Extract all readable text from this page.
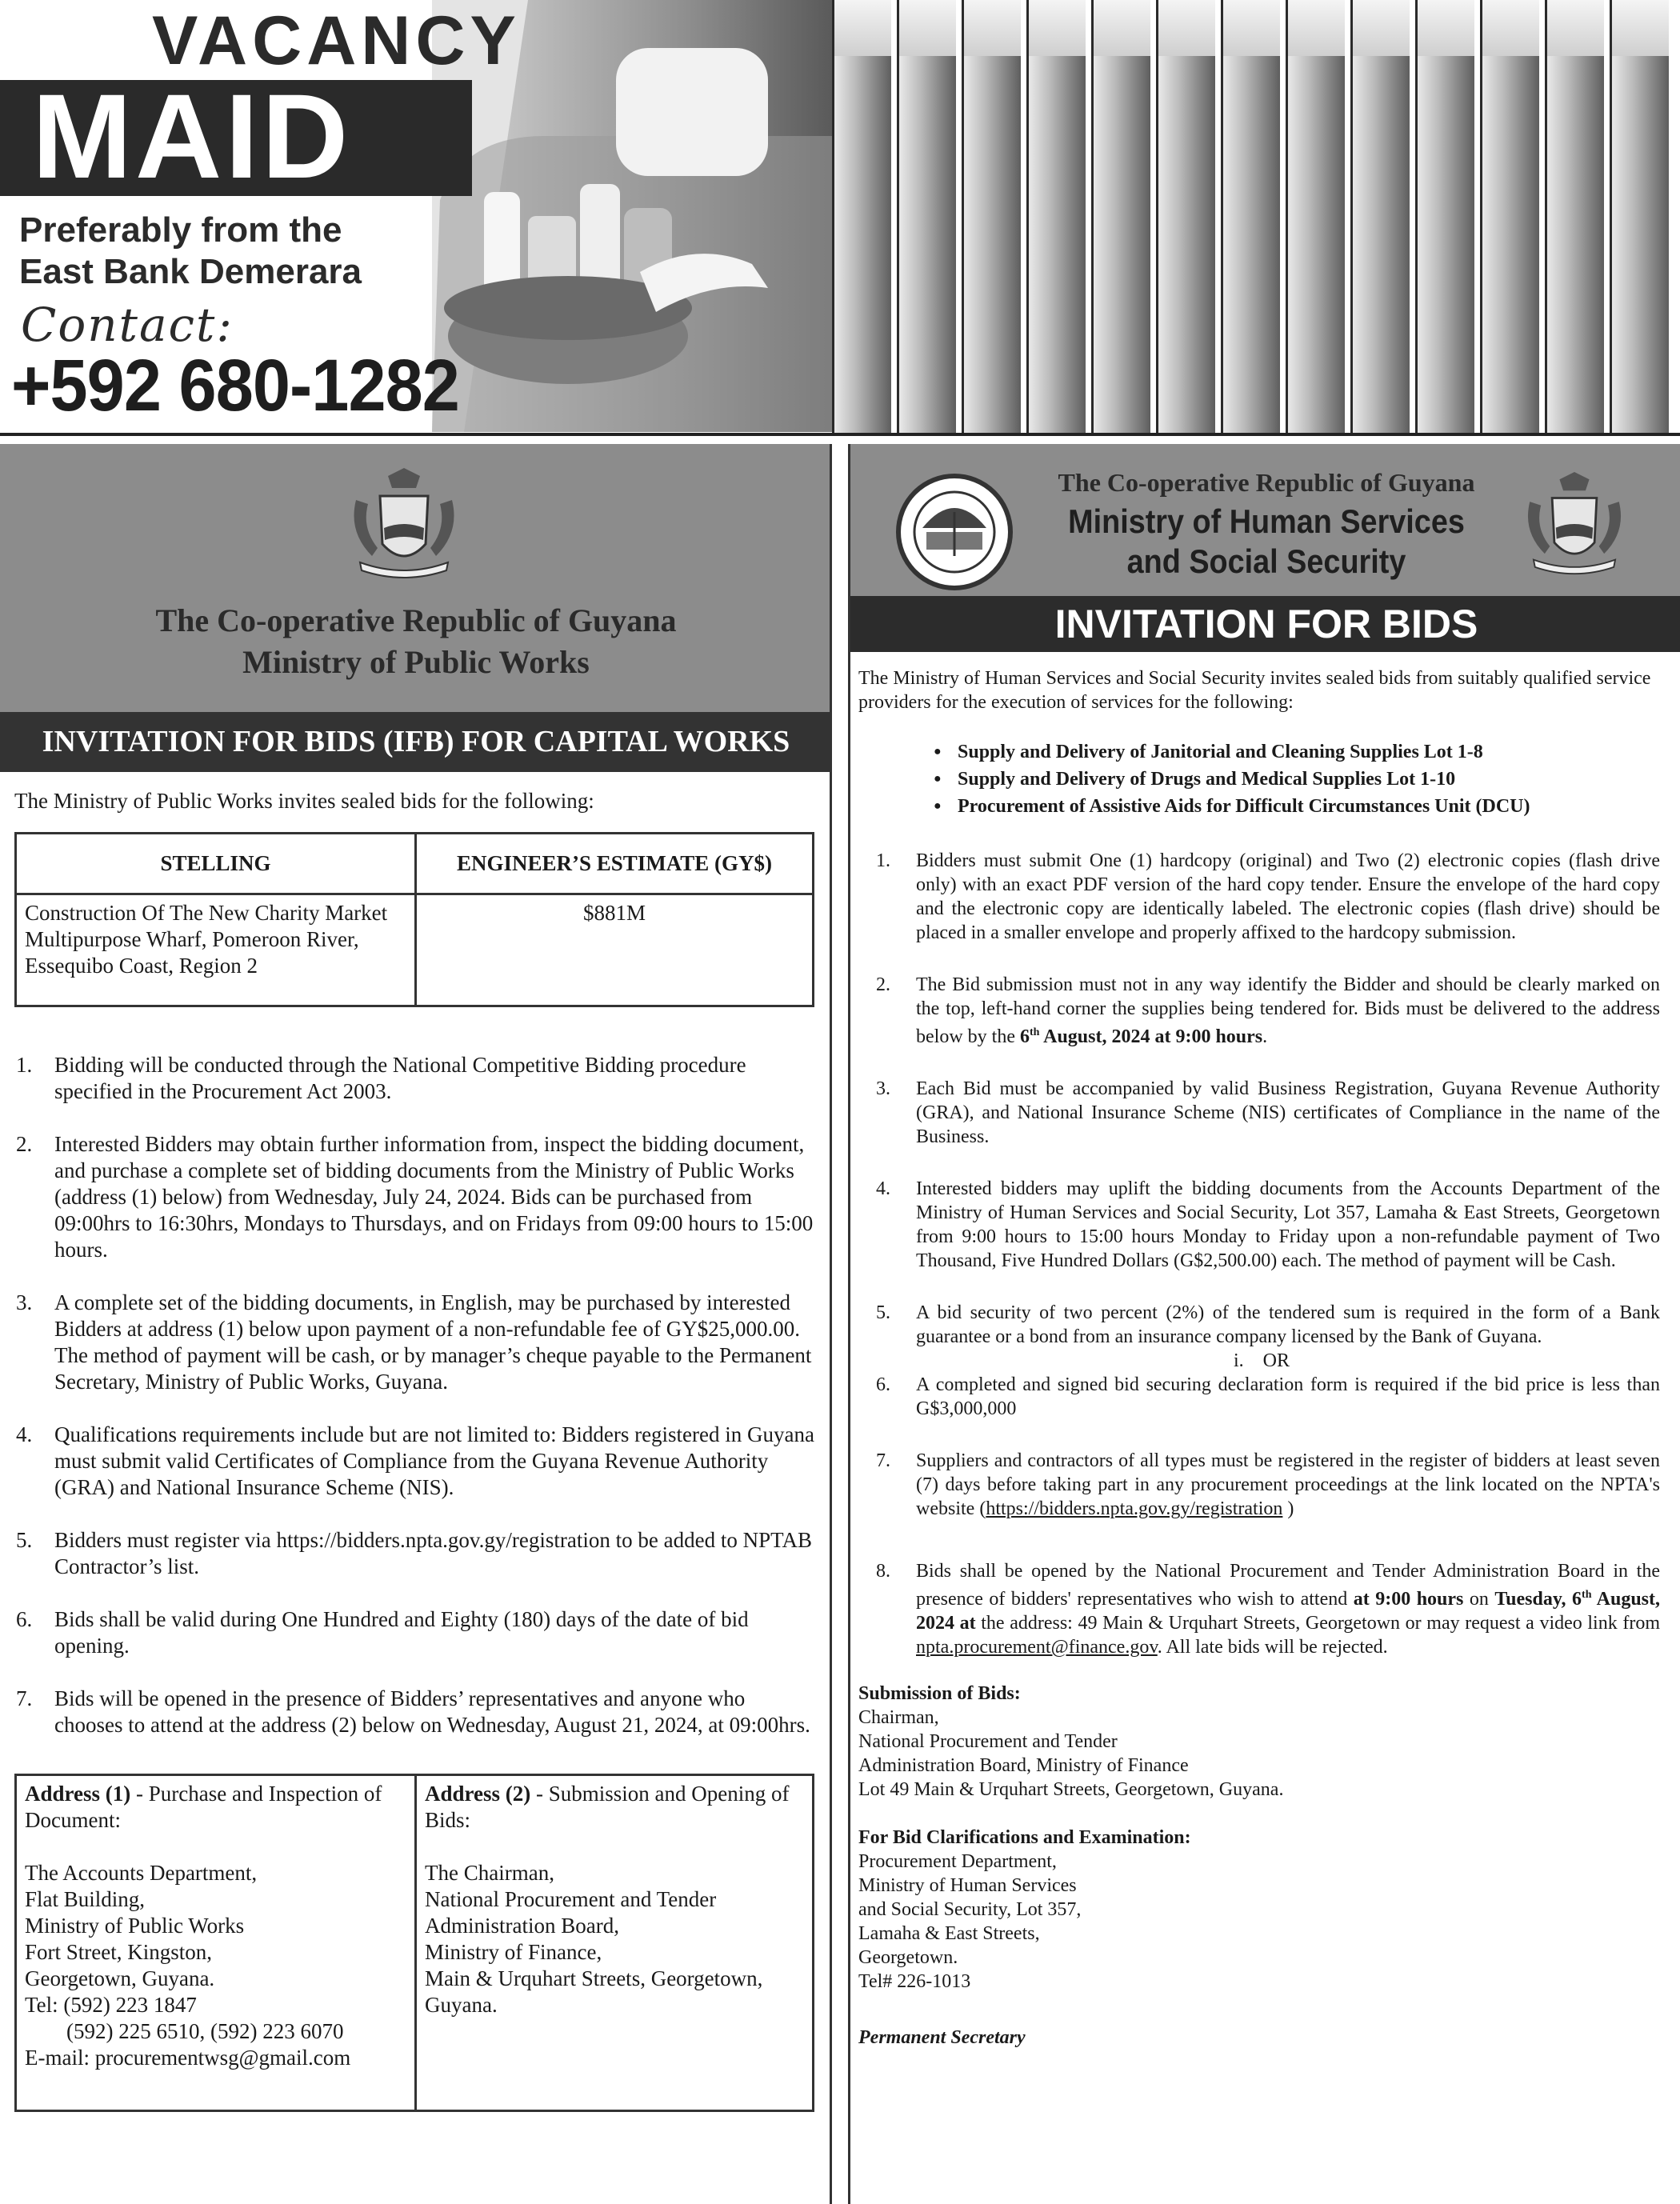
VACANCY
MAID
Preferably from the
East Bank Demerara
Contact:
+592 680-1282
The Co-operative Republic of Guyana
Ministry of Public Works
INVITATION FOR BIDS (IFB) FOR CAPITAL WORKS

The Ministry of Public Works invites sealed bids for the following:

STELLING	ENGINEER’S ESTIMATE (GY$)
Construction Of The New Charity Market Multipurpose Wharf, Pomeroon River, Essequibo Coast, Region 2	$881M
1. Bidding will be conducted through the National Competitive Bidding procedure specified in the Procurement Act 2003.
2. Interested Bidders may obtain further information from, inspect the bidding document, and purchase a complete set of bidding documents from the Ministry of Public Works (address (1) below) from Wednesday, July 24, 2024. Bids can be purchased from 09:00hrs to 16:30hrs, Mondays to Thursdays, and on Fridays from 09:00 hours to 15:00 hours.
3. A complete set of the bidding documents, in English, may be purchased by interested Bidders at address (1) below upon payment of a non-refundable fee of GY$25,000.00. The method of payment will be cash, or by manager’s cheque payable to the Permanent Secretary, Ministry of Public Works, Guyana.
4. Qualifications requirements include but are not limited to: Bidders registered in Guyana must submit valid Certificates of Compliance from the Guyana Revenue Authority (GRA) and National Insurance Scheme (NIS).
5. Bidders must register via https://bidders.npta.gov.gy/registration to be added to NPTAB Contractor’s list.
6. Bids shall be valid during One Hundred and Eighty (180) days of the date of bid opening.
7. Bids will be opened in the presence of Bidders’ representatives and anyone who chooses to attend at the address (2) below on Wednesday, August 21, 2024, at 09:00hrs.

Address (1) - Purchase and Inspection of Document:

The Accounts Department,
Flat Building,
Ministry of Public Works
Fort Street, Kingston,
Georgetown, Guyana.
Tel: (592) 223 1847
(592) 225 6510, (592) 223 6070
E-mail: procurementwsg@gmail.com

Address (2) - Submission and Opening of Bids:

The Chairman,
National Procurement and Tender
Administration Board,
Ministry of Finance,
Main & Urquhart Streets, Georgetown,
Guyana.
The Co-operative Republic of Guyana
Ministry of Human Services
and Social Security
INVITATION FOR BIDS

The Ministry of Human Services and Social Security invites sealed bids from suitably qualified service providers for the execution of services for the following:

● Supply and Delivery of Janitorial and Cleaning Supplies Lot 1-8
● Supply and Delivery of Drugs and Medical Supplies Lot 1-10
● Procurement of Assistive Aids for Difficult Circumstances Unit (DCU)
1. Bidders must submit One (1) hardcopy (original) and Two (2) electronic copies (flash drive only) with an exact PDF version of the hard copy tender. Ensure the envelope of the hard copy and the electronic copy are identically labeled. The electronic copies (flash drive) should be placed in a smaller envelope and properly affixed to the hardcopy submission.
2. The Bid submission must not in any way identify the Bidder and should be clearly marked on the top, left-hand corner the supplies being tendered for. Bids must be delivered to the address below by the 6th August, 2024 at 9:00 hours.
3. Each Bid must be accompanied by valid Business Registration, Guyana Revenue Authority (GRA), and National Insurance Scheme (NIS) certificates of Compliance in the name of the Business.
4. Interested bidders may uplift the bidding documents from the Accounts Department of the Ministry of Human Services and Social Security, Lot 357, Lamaha & East Streets, Georgetown from 9:00 hours to 15:00 hours Monday to Friday upon a non-refundable payment of Two Thousand, Five Hundred Dollars (G$2,500.00) each. The method of payment will be Cash.
5. A bid security of two percent (2%) of the tendered sum is required in the form of a Bank guarantee or a bond from an insurance company licensed by the Bank of Guyana.
i.    OR
6. A completed and signed bid securing declaration form is required if the bid price is less than G$3,000,000
7. Suppliers and contractors of all types must be registered in the register of bidders at least seven (7) days before taking part in any procurement proceedings at the link located on the NPTA's website (https://bidders.npta.gov.gy/registration )
8. Bids shall be opened by the National Procurement and Tender Administration Board in the presence of bidders' representatives who wish to attend at 9:00 hours on Tuesday, 6th August, 2024 at the address: 49 Main & Urquhart Streets, Georgetown or may request a video link from npta.procurement@finance.gov. All late bids will be rejected.
Submission of Bids:
Chairman,
National Procurement and Tender
Administration Board, Ministry of Finance
Lot 49 Main & Urquhart Streets, Georgetown, Guyana.
For Bid Clarifications and Examination:
Procurement Department,
Ministry of Human Services
and Social Security, Lot 357,
Lamaha & East Streets,
Georgetown.
Tel# 226-1013
Permanent Secretary
